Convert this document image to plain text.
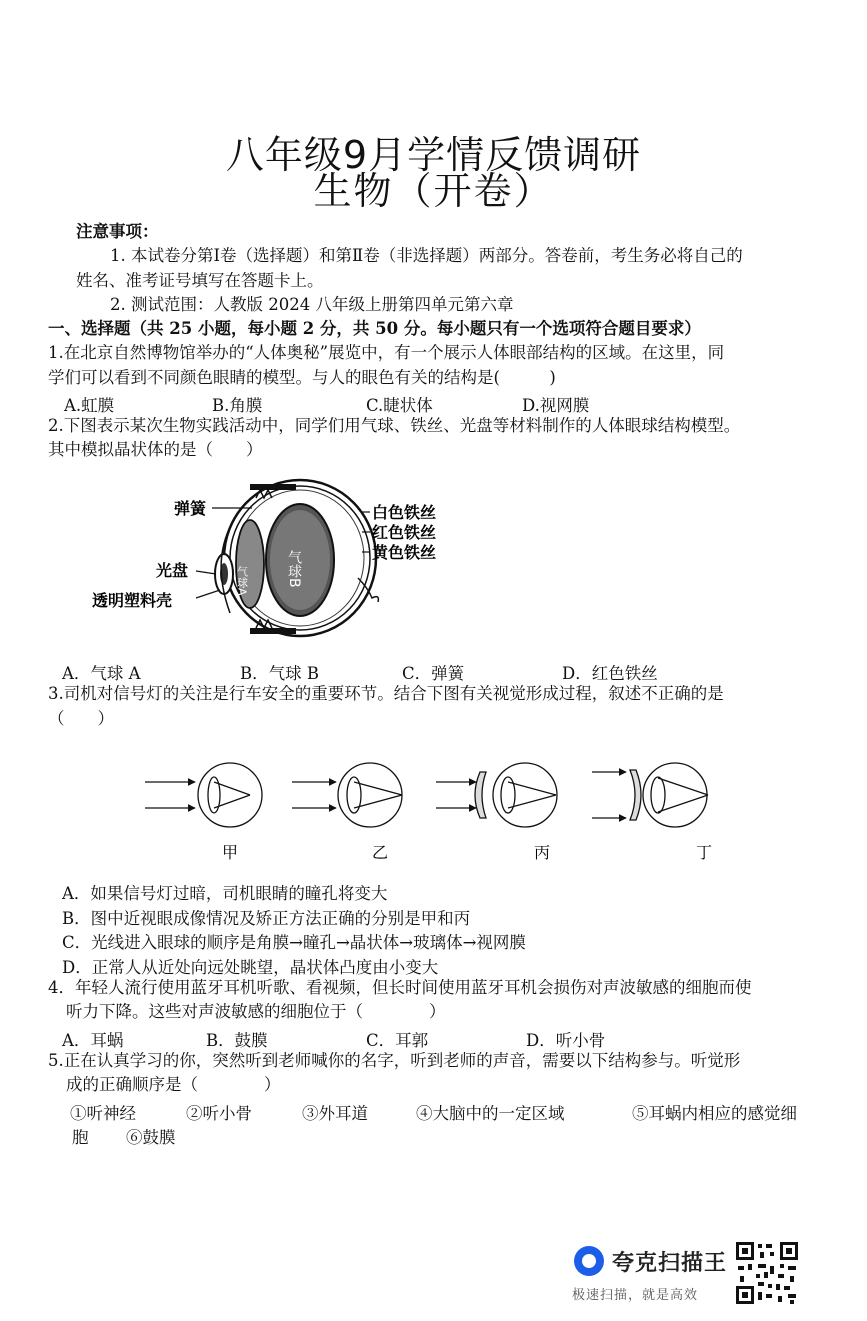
八年级9月学情反馈调研
生物（开卷）

注意事项：
1. 本试卷分第Ⅰ卷（选择题）和第Ⅱ卷（非选择题）两部分。答卷前，考生务必将自己的
姓名、准考证号填写在答题卡上。
2. 测试范围：人教版 2024 八年级上册第四单元第六章
一、选择题（共 25 小题，每小题 2 分，共 50 分。每小题只有一个选项符合题目要求）
1.在北京自然博物馆举办的“人体奥秘”展览中，有一个展示人体眼部结构的区域。在这里，同
学们可以看到不同颜色眼睛的模型。与人的眼色有关的结构是(　　　)
A.虹膜	B.角膜	C.睫状体	D.视网膜
2.下图表示某次生物实践活动中，同学们用气球、铁丝、光盘等材料制作的人体眼球结构模型。
其中模拟晶状体的是（　　）
弹簧
光盘
透明塑料壳
白色铁丝
红色铁丝
黄色铁丝
气球A	气球B
A．气球 A	B．气球 B	C．弹簧	D．红色铁丝
3.司机对信号灯的关注是行车安全的重要环节。结合下图有关视觉形成过程，叙述不正确的是
（　　）
甲	乙	丙	丁
A．如果信号灯过暗，司机眼睛的瞳孔将变大
B．图中近视眼成像情况及矫正方法正确的分别是甲和丙
C．光线进入眼球的顺序是角膜→瞳孔→晶状体→玻璃体→视网膜
D．正常人从近处向远处眺望，晶状体凸度由小变大
4．年轻人流行使用蓝牙耳机听歌、看视频，但长时间使用蓝牙耳机会损伤对声波敏感的细胞而使
听力下降。这些对声波敏感的细胞位于（　　　　）
A．耳蜗	B．鼓膜	C．耳郭	D．听小骨
5.正在认真学习的你，突然听到老师喊你的名字，听到老师的声音，需要以下结构参与。听觉形
成的正确顺序是（　　　　）
①听神经	②听小骨	③外耳道	④大脑中的一定区域	⑤耳蜗内相应的感觉细
胞 ⑥鼓膜
夸克扫描王
极速扫描，就是高效
